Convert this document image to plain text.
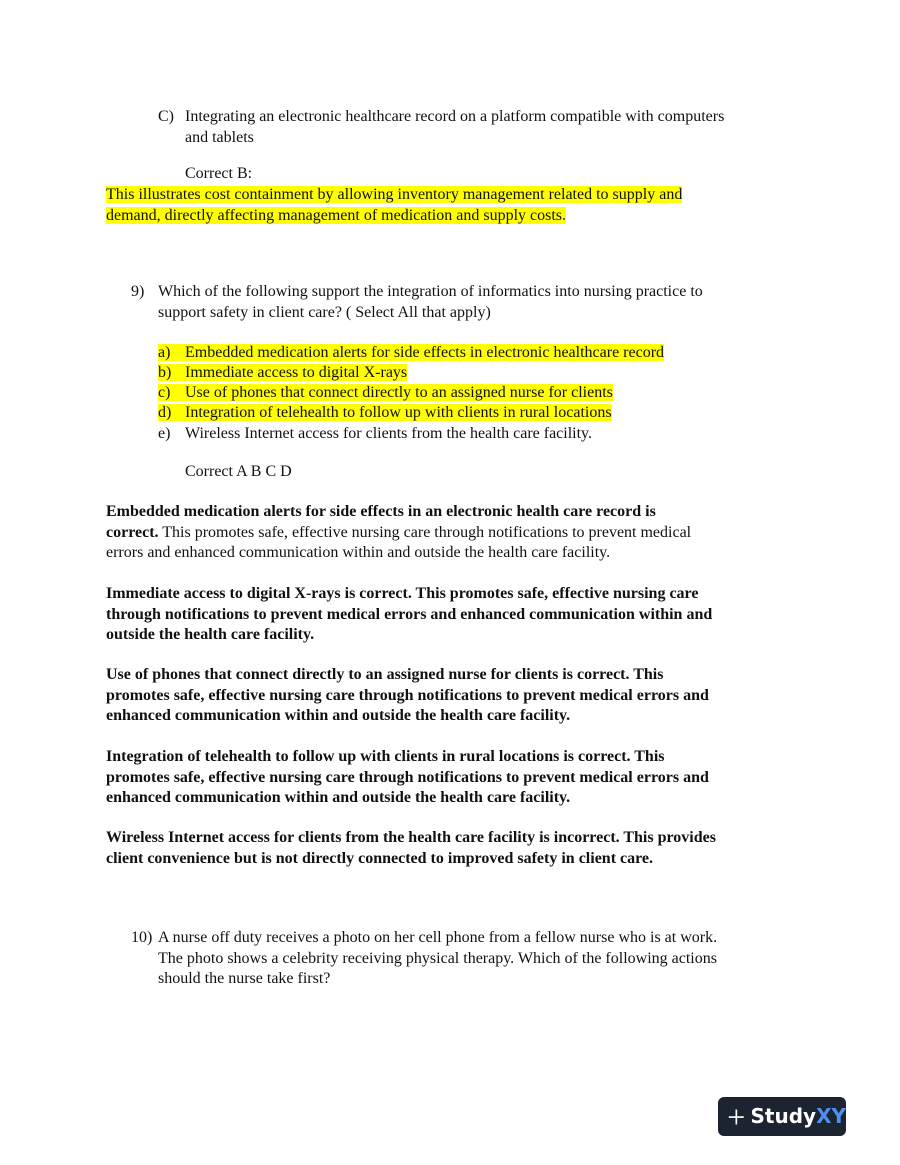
C) Integrating an electronic healthcare record on a platform compatible with computers
and tablets
Correct B:
This illustrates cost containment by allowing inventory management related to supply and
demand, directly affecting management of medication and supply costs.
9) Which of the following support the integration of informatics into nursing practice to
support safety in client care? ( Select All that apply)
a) Embedded medication alerts for side effects in electronic healthcare record
b) Immediate access to digital X-rays
c) Use of phones that connect directly to an assigned nurse for clients
d) Integration of telehealth to follow up with clients in rural locations
e) Wireless Internet access for clients from the health care facility.
Correct A B C D
Embedded medication alerts for side effects in an electronic health care record is
correct. This promotes safe, effective nursing care through notifications to prevent medical
errors and enhanced communication within and outside the health care facility.
Immediate access to digital X-rays is correct. This promotes safe, effective nursing care
through notifications to prevent medical errors and enhanced communication within and
outside the health care facility.
Use of phones that connect directly to an assigned nurse for clients is correct. This
promotes safe, effective nursing care through notifications to prevent medical errors and
enhanced communication within and outside the health care facility.
Integration of telehealth to follow up with clients in rural locations is correct. This
promotes safe, effective nursing care through notifications to prevent medical errors and
enhanced communication within and outside the health care facility.
Wireless Internet access for clients from the health care facility is incorrect. This provides
client convenience but is not directly connected to improved safety in client care.
10) A nurse off duty receives a photo on her cell phone from a fellow nurse who is at work.
The photo shows a celebrity receiving physical therapy. Which of the following actions
should the nurse take first?
StudyXY
